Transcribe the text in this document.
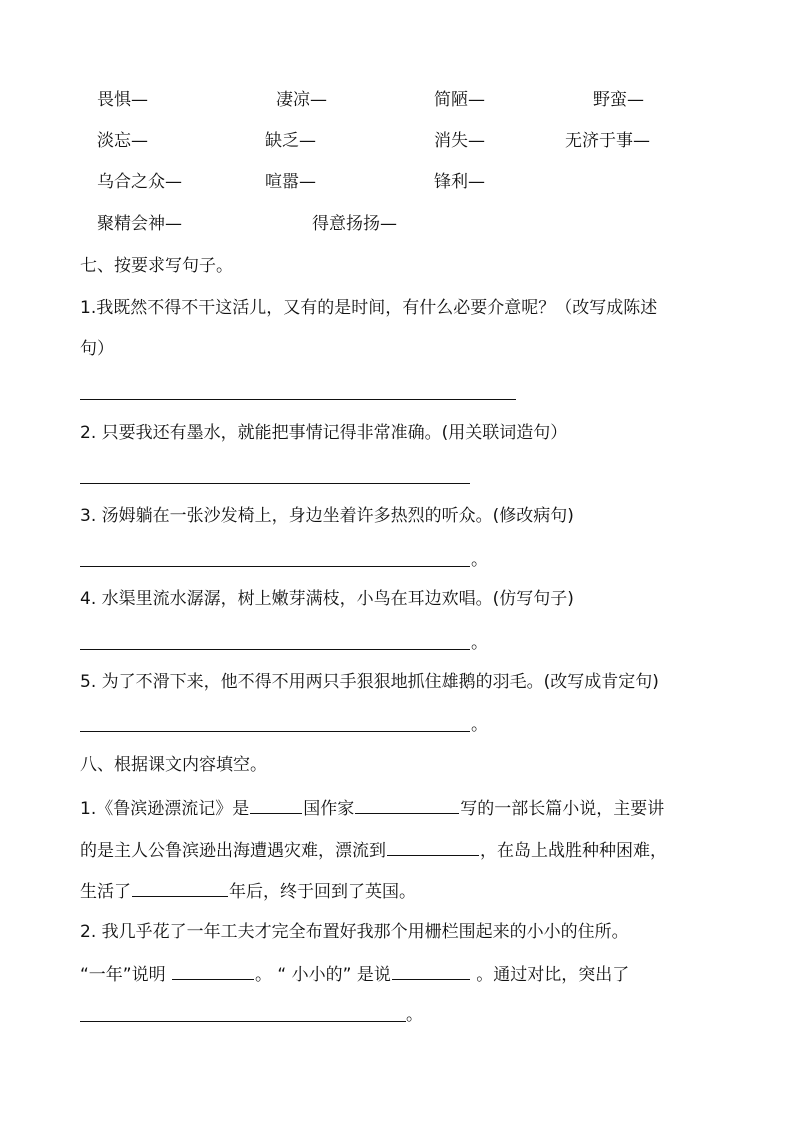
畏惧—	凄凉—	简陋—	野蛮—
淡忘—	缺乏—	消失—	无济于事—
乌合之众—	喧嚣—	锋利—
聚精会神—	得意扬扬—
七、按要求写句子。
1.我既然不得不干这活儿，又有的是时间，有什么必要介意呢？（改写成陈述
句）
2. 只要我还有墨水，就能把事情记得非常准确。(用关联词造句）
3. 汤姆躺在一张沙发椅上，身边坐着许多热烈的听众。(修改病句)
。
4. 水渠里流水潺潺，树上嫩芽满枝，小鸟在耳边欢唱。(仿写句子)
。
5. 为了不滑下来，他不得不用两只手狠狠地抓住雄鹅的羽毛。(改写成肯定句)
。
八、根据课文内容填空。
1.《鲁滨逊漂流记》是	国作家	写的一部长篇小说，主要讲
的是主人公鲁滨逊出海遭遇灾难，漂流到	，在岛上战胜种种困难，
生活了	年后，终于回到了英国。
2. 我几乎花了一年工夫才完全布置好我那个用栅栏围起来的小小的住所。
“一年”说明	。 “ 小小的” 是说	。通过对比，突出了
。
